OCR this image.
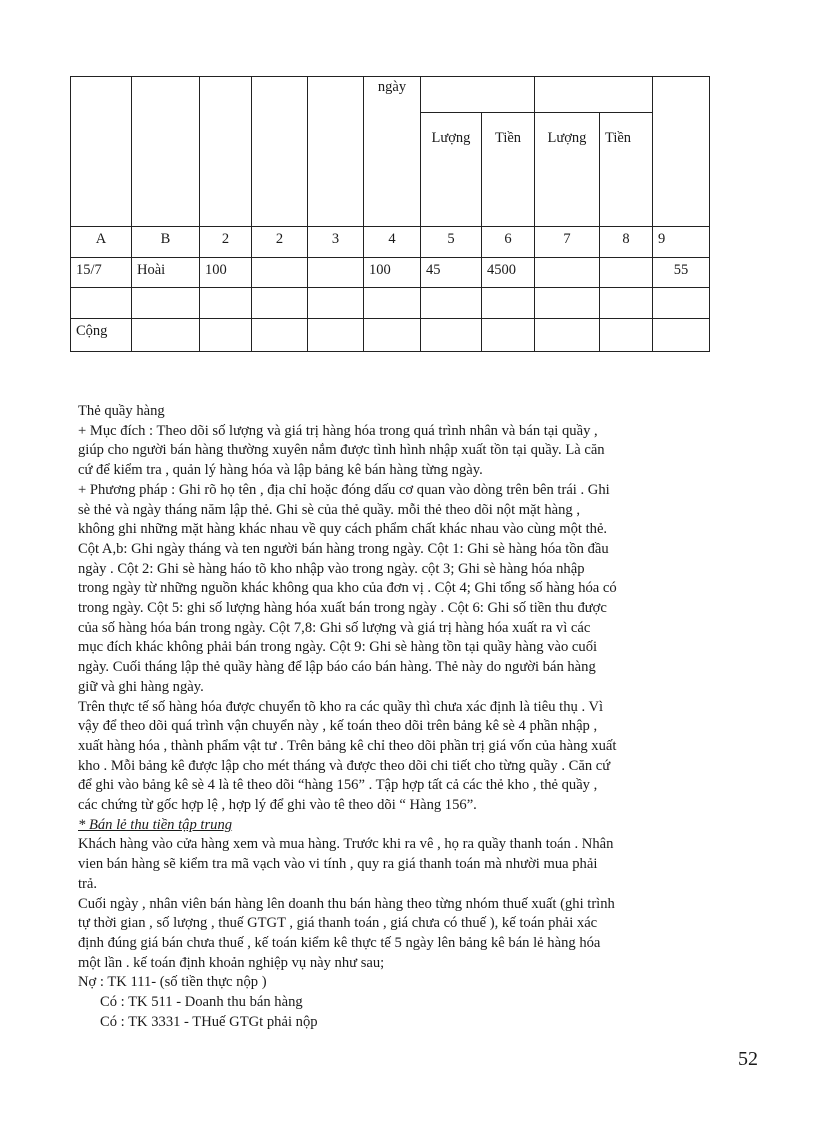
					ngày					

						Lượng	Tiền	Lượng	Tiền	

A	B	2	2	3	4	5	6	7	8	9

15/7	Hoài	100			100	45	4500			55

Cộng										

Thẻ quầy hàng

+ Mục đích : Theo dõi số lượng và giá trị hàng hóa trong quá trình nhân và bán tại quầy ,

giúp cho người bán hàng thường xuyên nắm được tình hình nhập xuất tồn tại quầy. Là căn

cứ để kiểm tra , quản lý hàng hóa và lập bảng kê bán hàng từng ngày.

+ Phương pháp : Ghi rõ họ tên , địa chỉ hoặc đóng dấu cơ quan vào dòng trên bên trái . Ghi

sè thẻ và ngày tháng năm lập thẻ. Ghi sè của thẻ quầy. mỗi thẻ theo dõi nột mặt hàng ,

không ghi những mặt hàng khác nhau về quy cách phẩm chất khác nhau vào cùng một thẻ.

Cột A,b: Ghi ngày tháng và ten người bán hàng trong ngày. Cột 1: Ghi sè hàng hóa tồn đầu

ngày . Cột 2: Ghi sè hàng háo tõ kho nhập vào trong ngày. cột 3; Ghi sè hàng hóa nhập

trong ngày từ những nguồn khác không qua kho của đơn vị . Cột 4; Ghi tổng số hàng hóa có

trong ngày. Cột 5: ghi số lượng hàng hóa xuất bán trong ngày . Cột 6: Ghi số tiền thu được

của số hàng hóa bán trong ngày. Cột 7,8: Ghi số lượng và giá trị hàng hóa xuất ra vì các

mục đích khác không phải bán trong ngày. Cột 9: Ghi sè hàng tồn tại quầy hàng vào cuối

ngày. Cuối tháng lập thẻ quầy hàng để lập báo cáo bán hàng. Thẻ này do người bán hàng

giữ và ghi hàng ngày.

Trên thực tế số hàng hóa được chuyển tõ kho ra các quầy thì chưa xác định là tiêu thụ . Vì

vậy để theo dõi quá trình vận chuyển này , kế toán theo dõi trên bảng kê sè 4 phần nhập ,

xuất hàng hóa , thành phẩm vật tư . Trên bảng kê chỉ theo dõi phần trị giá vốn của hàng xuất

kho . Mỗi bảng kê được lập cho mét tháng và được theo dõi chi tiết cho từng quầy . Căn cứ

để ghi vào bảng kê sè 4 là tê theo dõi “hàng 156” . Tập hợp tất cả các thẻ kho , thẻ quầy ,

các chứng từ gốc hợp lệ , hợp lý để ghi vào tê theo dõi “ Hàng 156”.

* Bán lẻ thu tiền tập trung

Khách hàng vào cửa hàng xem và mua hàng. Trước khi ra vê , họ ra quầy thanh toán . Nhân

vien bán hàng sẽ kiểm tra mã vạch vào vi tính , quy ra giá thanh toán mà nhười mua phải

trả.

Cuối ngày , nhân viên bán hàng lên doanh thu bán hàng theo từng nhóm thuế xuất (ghi trình

tự thời gian , số lượng , thuế GTGT , giá thanh toán , giá chưa có thuế ), kế toán phải xác

định đúng giá bán chưa thuế , kế toán kiểm kê thực tế 5 ngày lên bảng kê bán lẻ hàng hóa

một lần . kế toán định khoản nghiệp vụ này như sau;

Nợ : TK 111- (số tiền thực nộp )

Có : TK 511 - Doanh thu bán hàng

Có : TK 3331 - THuế GTGt phải nộp

52
